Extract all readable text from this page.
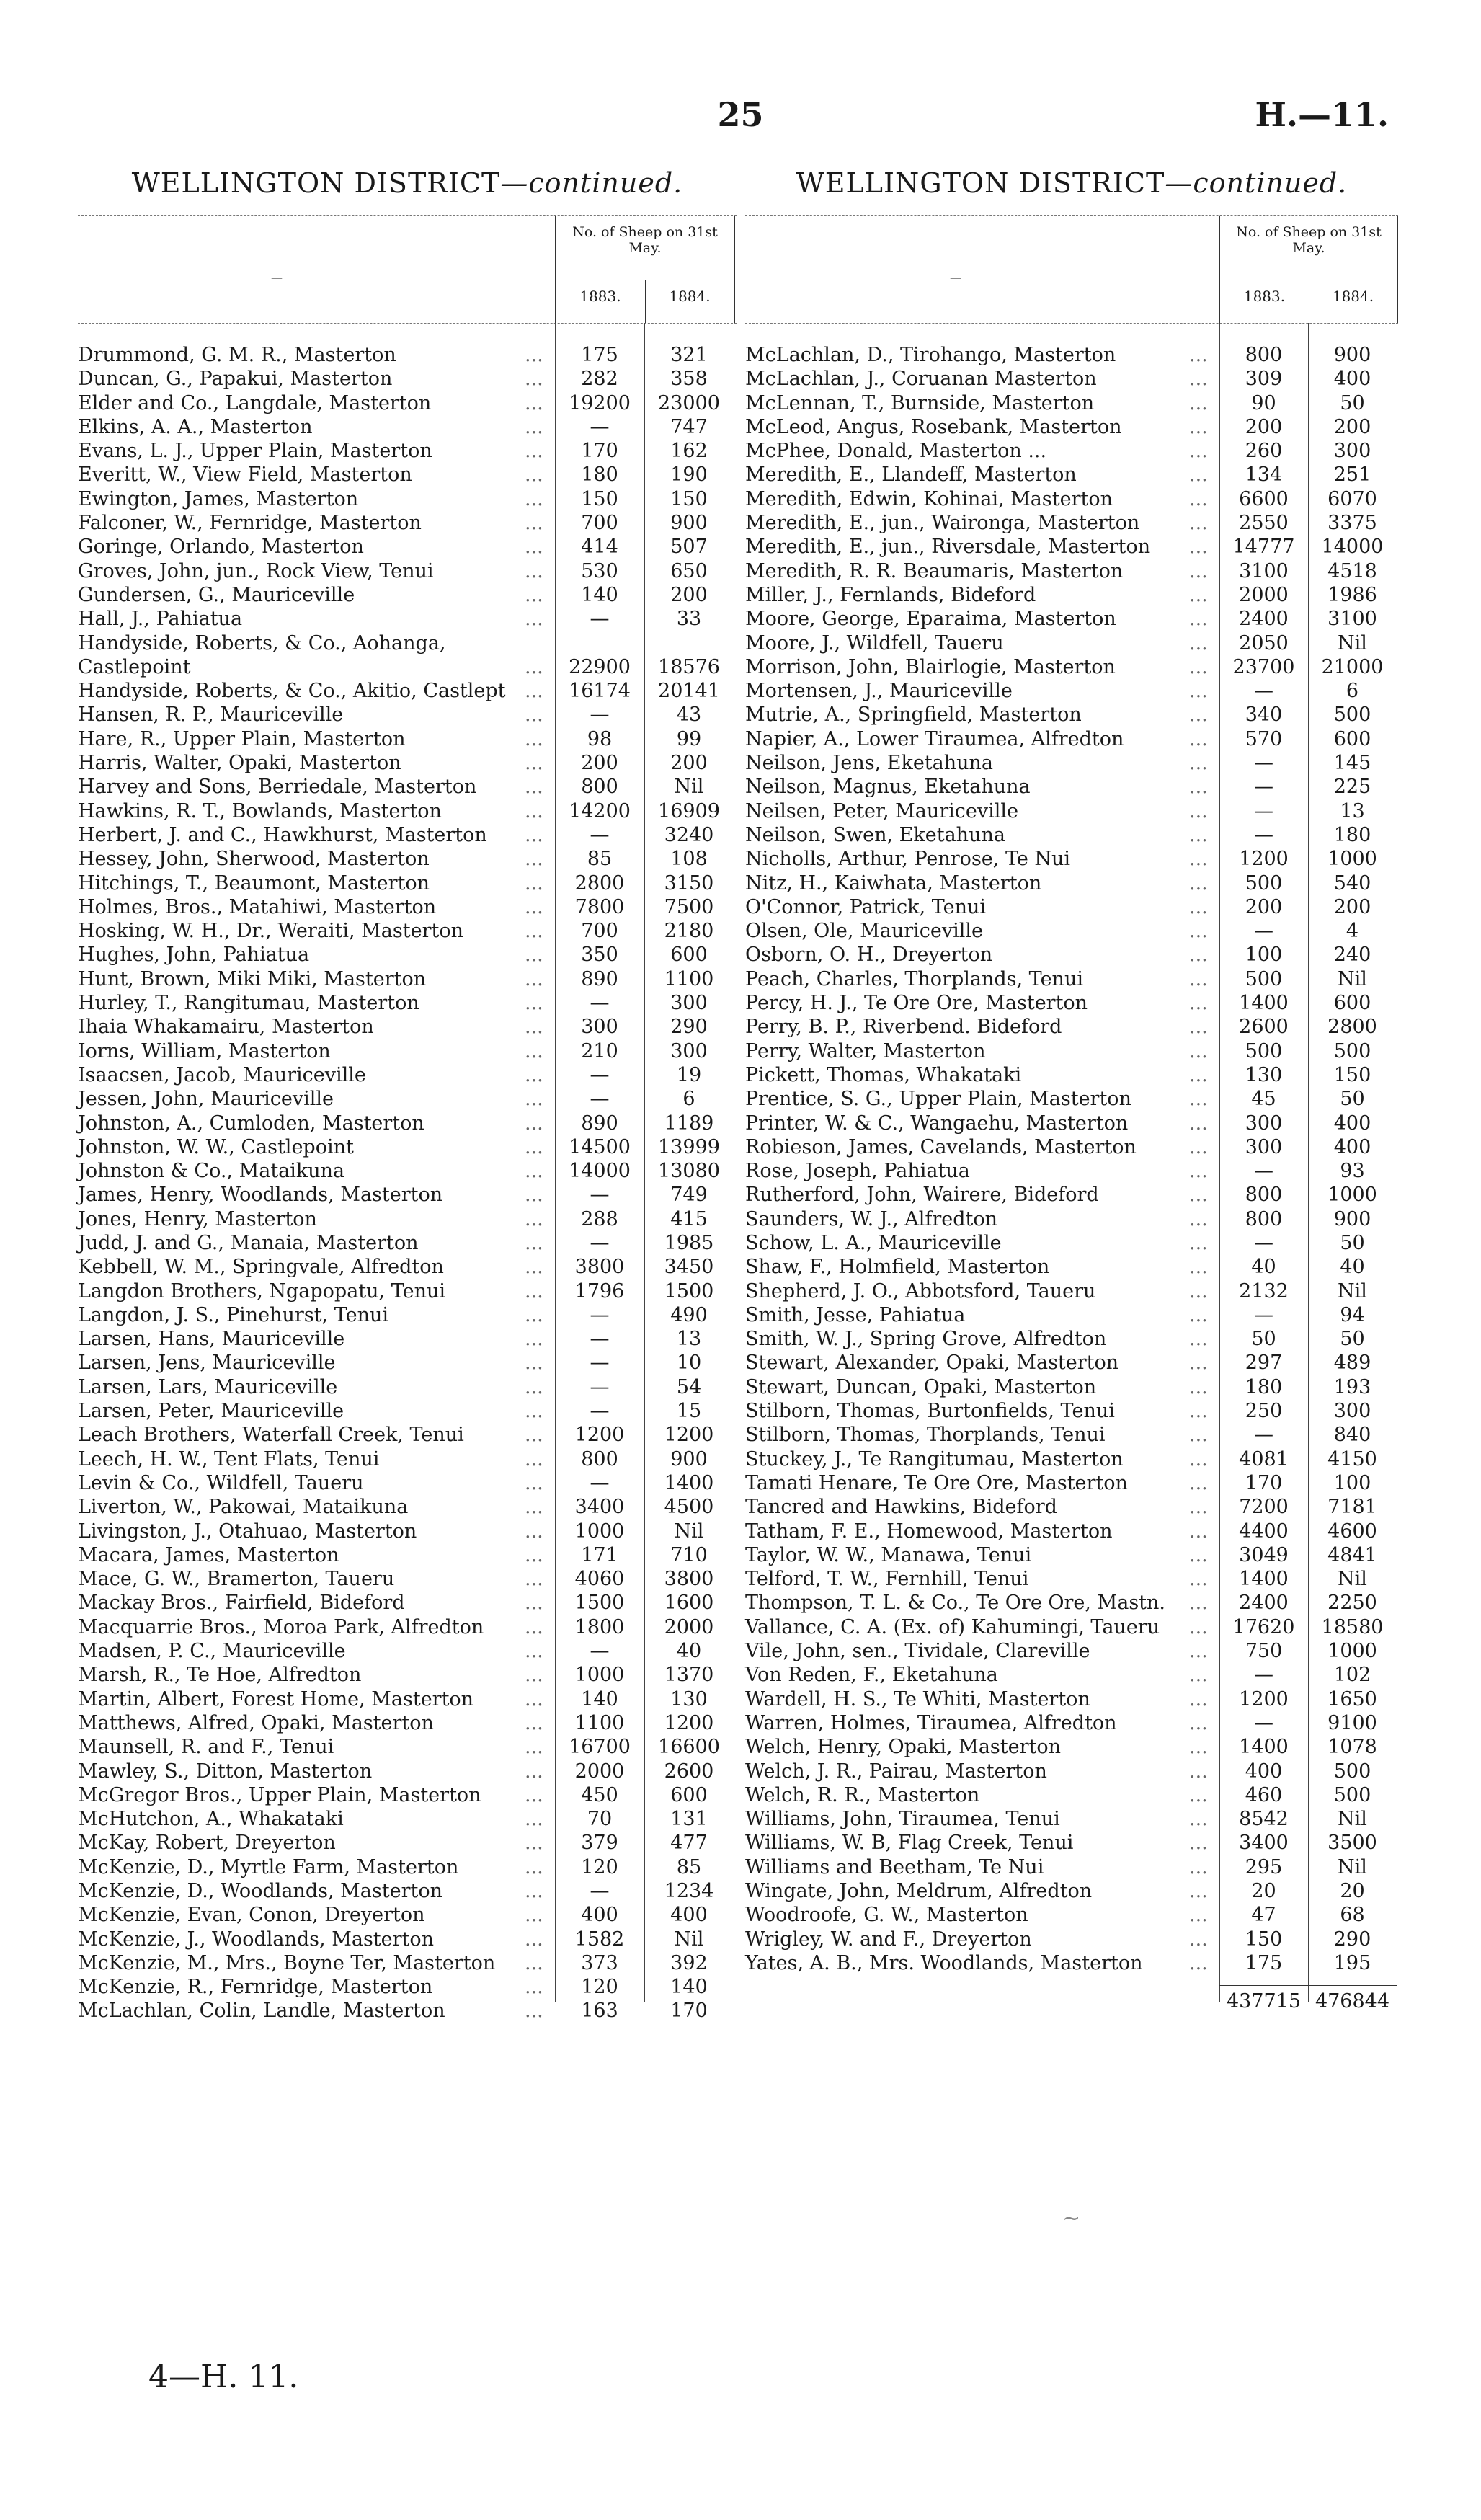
25	H.—11.
WELLINGTON DISTRICT—continued.
—
No. of Sheep on 31st May.
1883.	1884.
Drummond, G. M. R., Masterton	...	175	321
Duncan, G., Papakui, Masterton	...	282	358
Elder and Co., Langdale, Masterton	...	19200	23000
Elkins, A. A., Masterton	...	—	747
Evans, L. J., Upper Plain, Masterton	...	170	162
Everitt, W., View Field, Masterton	...	180	190
Ewington, James, Masterton	...	150	150
Falconer, W., Fernridge, Masterton	...	700	900
Goringe, Orlando, Masterton	...	414	507
Groves, John, jun., Rock View, Tenui	...	530	650
Gundersen, G., Mauriceville	...	140	200
Hall, J., Pahiatua	...	—	33
Handyside, Roberts, & Co., Aohanga, Castlepoint	...	22900	18576
Handyside, Roberts, & Co., Akitio, Castlept ...	16174	20141
Hansen, R. P., Mauriceville	...	—	43
Hare, R., Upper Plain, Masterton	...	98	99
Harris, Walter, Opaki, Masterton	...	200	200
Harvey and Sons, Berriedale, Masterton ...	800	Nil
Hawkins, R. T., Bowlands, Masterton	...	14200	16909
Herbert, J. and C., Hawkhurst, Masterton ...	—	3240
Hessey, John, Sherwood, Masterton	...	85	108
Hitchings, T., Beaumont, Masterton	...	2800	3150
Holmes, Bros., Matahiwi, Masterton	...	7800	7500
Hosking, W. H., Dr., Weraiti, Masterton	...	700	2180
Hughes, John, Pahiatua	...	350	600
Hunt, Brown, Miki Miki, Masterton	...	890	1100
Hurley, T., Rangitumau, Masterton	...	—	300
Ihaia Whakamairu, Masterton	...	300	290
Iorns, William, Masterton	...	210	300
Isaacsen, Jacob, Mauriceville	...	—	19
Jessen, John, Mauriceville	...	—	6
Johnston, A., Cumloden, Masterton	...	890	1189
Johnston, W. W., Castlepoint	...	14500	13999
Johnston & Co., Mataikuna	...	14000	13080
James, Henry, Woodlands, Masterton	...	—	749
Jones, Henry, Masterton	...	288	415
Judd, J. and G., Manaia, Masterton	...	—	1985
Kebbell, W. M., Springvale, Alfredton	...	3800	3450
Langdon Brothers, Ngapopatu, Tenui	...	1796	1500
Langdon, J. S., Pinehurst, Tenui	...	—	490
Larsen, Hans, Mauriceville	...	—	13
Larsen, Jens, Mauriceville	...	—	10
Larsen, Lars, Mauriceville	...	—	54
Larsen, Peter, Mauriceville	...	—	15
Leach Brothers, Waterfall Creek, Tenui	...	1200	1200
Leech, H. W., Tent Flats, Tenui	...	800	900
Levin & Co., Wildfell, Taueru	...	—	1400
Liverton, W., Pakowai, Mataikuna	...	3400	4500
Livingston, J., Otahuao, Masterton	...	1000	Nil
Macara, James, Masterton	...	171	710
Mace, G. W., Bramerton, Taueru	...	4060	3800
Mackay Bros., Fairfield, Bideford	...	1500	1600
Macquarrie Bros., Moroa Park, Alfredton ...	1800	2000
Madsen, P. C., Mauriceville	...	—	40
Marsh, R., Te Hoe, Alfredton	...	1000	1370
Martin, Albert, Forest Home, Masterton	...	140	130
Matthews, Alfred, Opaki, Masterton	...	1100	1200
Maunsell, R. and F., Tenui	...	16700	16600
Mawley, S., Ditton, Masterton	...	2000	2600
McGregor Bros., Upper Plain, Masterton ...	450	600
McHutchon, A., Whakataki	...	70	131
McKay, Robert, Dreyerton	...	379	477
McKenzie, D., Myrtle Farm, Masterton	...	120	85
McKenzie, D., Woodlands, Masterton	...	—	1234
McKenzie, Evan, Conon, Dreyerton	...	400	400
McKenzie, J., Woodlands, Masterton	...	1582	Nil
McKenzie, M., Mrs., Boyne Ter, Masterton ...	373	392
McKenzie, R., Fernridge, Masterton	...	120	140
McLachlan, Colin, Landle, Masterton	...	163	170
WELLINGTON DISTRICT—continued.
—
No. of Sheep on 31st May.
1883.	1884.
McLachlan, D., Tirohango, Masterton	...	800	900
McLachlan, J., Coruanan Masterton	...	309	400
McLennan, T., Burnside, Masterton	...	90	50
McLeod, Angus, Rosebank, Masterton	...	200	200
McPhee, Donald, Masterton ...	...	260	300
Meredith, E., Llandeff, Masterton	...	134	251
Meredith, Edwin, Kohinai, Masterton	...	6600	6070
Meredith, E., jun., Waironga, Masterton	...	2550	3375
Meredith, E., jun., Riversdale, Masterton ...	14777	14000
Meredith, R. R. Beaumaris, Masterton	...	3100	4518
Miller, J., Fernlands, Bideford	...	2000	1986
Moore, George, Eparaima, Masterton	...	2400	3100
Moore, J., Wildfell, Taueru	...	2050	Nil
Morrison, John, Blairlogie, Masterton	...	23700	21000
Mortensen, J., Mauriceville	...	—	6
Mutrie, A., Springfield, Masterton	...	340	500
Napier, A., Lower Tiraumea, Alfredton	...	570	600
Neilson, Jens, Eketahuna	...	—	145
Neilson, Magnus, Eketahuna	...	—	225
Neilsen, Peter, Mauriceville	...	—	13
Neilson, Swen, Eketahuna	...	—	180
Nicholls, Arthur, Penrose, Te Nui	...	1200	1000
Nitz, H., Kaiwhata, Masterton	...	500	540
O'Connor, Patrick, Tenui	...	200	200
Olsen, Ole, Mauriceville	...	—	4
Osborn, O. H., Dreyerton	...	100	240
Peach, Charles, Thorplands, Tenui	...	500	Nil
Percy, H. J., Te Ore Ore, Masterton	...	1400	600
Perry, B. P., Riverbend. Bideford	...	2600	2800
Perry, Walter, Masterton	...	500	500
Pickett, Thomas, Whakataki	...	130	150
Prentice, S. G., Upper Plain, Masterton	...	45	50
Printer, W. & C., Wangaehu, Masterton	...	300	400
Robieson, James, Cavelands, Masterton	...	300	400
Rose, Joseph, Pahiatua	...	—	93
Rutherford, John, Wairere, Bideford	...	800	1000
Saunders, W. J., Alfredton	...	800	900
Schow, L. A., Mauriceville	...	—	50
Shaw, F., Holmfield, Masterton	...	40	40
Shepherd, J. O., Abbotsford, Taueru	...	2132	Nil
Smith, Jesse, Pahiatua	...	—	94
Smith, W. J., Spring Grove, Alfredton	...	50	50
Stewart, Alexander, Opaki, Masterton	...	297	489
Stewart, Duncan, Opaki, Masterton	...	180	193
Stilborn, Thomas, Burtonfields, Tenui	...	250	300
Stilborn, Thomas, Thorplands, Tenui	...	—	840
Stuckey, J., Te Rangitumau, Masterton	...	4081	4150
Tamati Henare, Te Ore Ore, Masterton	...	170	100
Tancred and Hawkins, Bideford	...	7200	7181
Tatham, F. E., Homewood, Masterton	...	4400	4600
Taylor, W. W., Manawa, Tenui	...	3049	4841
Telford, T. W., Fernhill, Tenui	...	1400	Nil
Thompson, T. L. & Co., Te Ore Ore, Mastn. ...	2400	2250
Vallance, C. A. (Ex. of) Kahumingi, Taueru ...	17620	18580
Vile, John, sen., Tividale, Clareville	...	750	1000
Von Reden, F., Eketahuna	...	—	102
Wardell, H. S., Te Whiti, Masterton	...	1200	1650
Warren, Holmes, Tiraumea, Alfredton	...	—	9100
Welch, Henry, Opaki, Masterton	...	1400	1078
Welch, J. R., Pairau, Masterton	...	400	500
Welch, R. R., Masterton	...	460	500
Williams, John, Tiraumea, Tenui	...	8542	Nil
Williams, W. B, Flag Creek, Tenui	...	3400	3500
Williams and Beetham, Te Nui	...	295	Nil
Wingate, John, Meldrum, Alfredton	...	20	20
Woodroofe, G. W., Masterton	...	47	68
Wrigley, W. and F., Dreyerton	...	150	290
Yates, A. B., Mrs. Woodlands, Masterton ...	175	195
437715 476844
~
4—H. 11.
